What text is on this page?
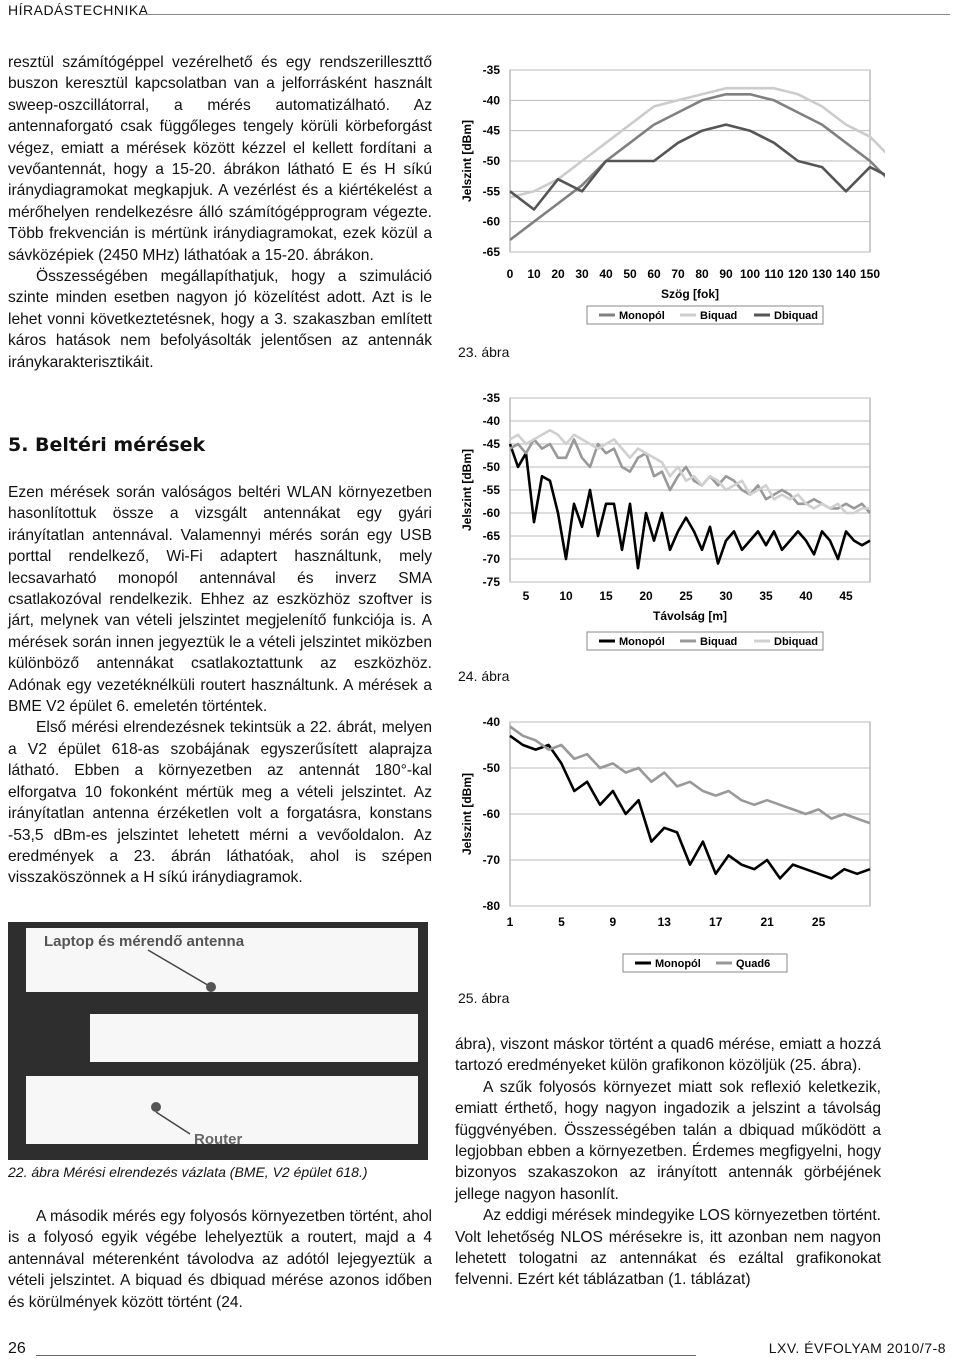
HÍRADÁSTECHNIKA

resztül számítógéppel vezérelhető és egy rendszerilleszttő buszon keresztül kapcsolatban van a jelforrásként használt sweep-oszcillátorral, a mérés automatizálható. Az antennaforgató csak függőleges tengely körüli körbeforgást végez, emiatt a mérések között kézzel el kellett fordítani a vevőantennát, hogy a 15-20. ábrákon látható E és H síkú iránydiagramokat megkapjuk. A vezérlést és a kiértékelést a mérőhelyen rendelkezésre álló számítógépprogram végezte. Több frekvencián is mértünk iránydiagramokat, ezek közül a sávközépiek (2450 MHz) láthatóak a 15-20. ábrákon.

Összességében megállapíthatjuk, hogy a szimuláció szinte minden esetben nagyon jó közelítést adott. Azt is le lehet vonni következtetésnek, hogy a 3. szakaszban említett káros hatások nem befolyásolták jelentősen az antennák iránykarakterisztikáit.

5. Beltéri mérések

Ezen mérések során valóságos beltéri WLAN környezetben hasonlítottuk össze a vizsgált antennákat egy gyári irányítatlan antennával. Valamennyi mérés során egy USB porttal rendelkező, Wi-Fi adaptert használtunk, mely lecsavarható monopól antennával és inverz SMA csatlakozóval rendelkezik. Ehhez az eszközhöz szoftver is járt, melynek van vételi jelszintet megjelenítő funkciója is. A mérések során innen jegyeztük le a vételi jelszintet miközben különböző antennákat csatlakoztattunk az eszközhöz. Adónak egy vezetéknélküli routert használtunk. A mérések a BME V2 épület 6. emeletén történtek.

Első mérési elrendezésnek tekintsük a 22. ábrát, melyen a V2 épület 618-as szobájának egyszerűsített alaprajza látható. Ebben a környezetben az antennát 180°-kal elforgatva 10 fokonként mértük meg a vételi jelszintet. Az irányítatlan antenna érzéketlen volt a forgatásra, konstans -53,5 dBm-es jelszintet lehetett mérni a vevőoldalon. Az eredmények a 23. ábrán láthatóak, ahol is szépen visszaköszönnek a H síkú iránydiagramok.

Laptop és mérendő antenna
Router
22. ábra Mérési elrendezés vázlata (BME, V2 épület 618.)

A második mérés egy folyosós környezetben történt, ahol is a folyosó egyik végébe lehelyeztük a routert, majd a 4 antennával méterenként távolodva az adótól lejegyeztük a vételi jelszintet. A biquad és dbiquad mérése azonos időben és körülmények között történt (24.

-35
-40
-45
-50
-55
-60
-65
0 10 20 30 40 50 60 70 80 90 100 110 120 130 140 150
Szög [fok]
Jelszint [dBm]
Monopól	Biquad	Dbiquad
23. ábra
-35
-40
-45
-50
-55
-60
-65
-70
-75
5 10 15 20 25 30 35 40 45
Távolság [m]
Jelszint [dBm]
Monopól	Biquad	Dbiquad
24. ábra
-40
-50
-60
-70
-80
1	5	9	13	17	21	25
Jelszint [dBm]
Monopól	Quad6
25. ábra

ábra), viszont máskor történt a quad6 mérése, emiatt a hozzá tartozó eredményeket külön grafikonon közöljük (25. ábra).

A szűk folyosós környezet miatt sok reflexió keletkezik, emiatt érthető, hogy nagyon ingadozik a jelszint a távolság függvényében. Összességében talán a dbiquad működött a legjobban ebben a környezetben. Érdemes megfigyelni, hogy bizonyos szakaszokon az irányított antennák görbéjének jellege nagyon hasonlít.

Az eddigi mérések mindegyike LOS környezetben történt. Volt lehetőség NLOS mérésekre is, itt azonban nem nagyon lehetett tologatni az antennákat és ezáltal grafikonokat felvenni. Ezért két táblázatban (1. táblázat)

26	LXV. ÉVFOLYAM 2010/7-8
